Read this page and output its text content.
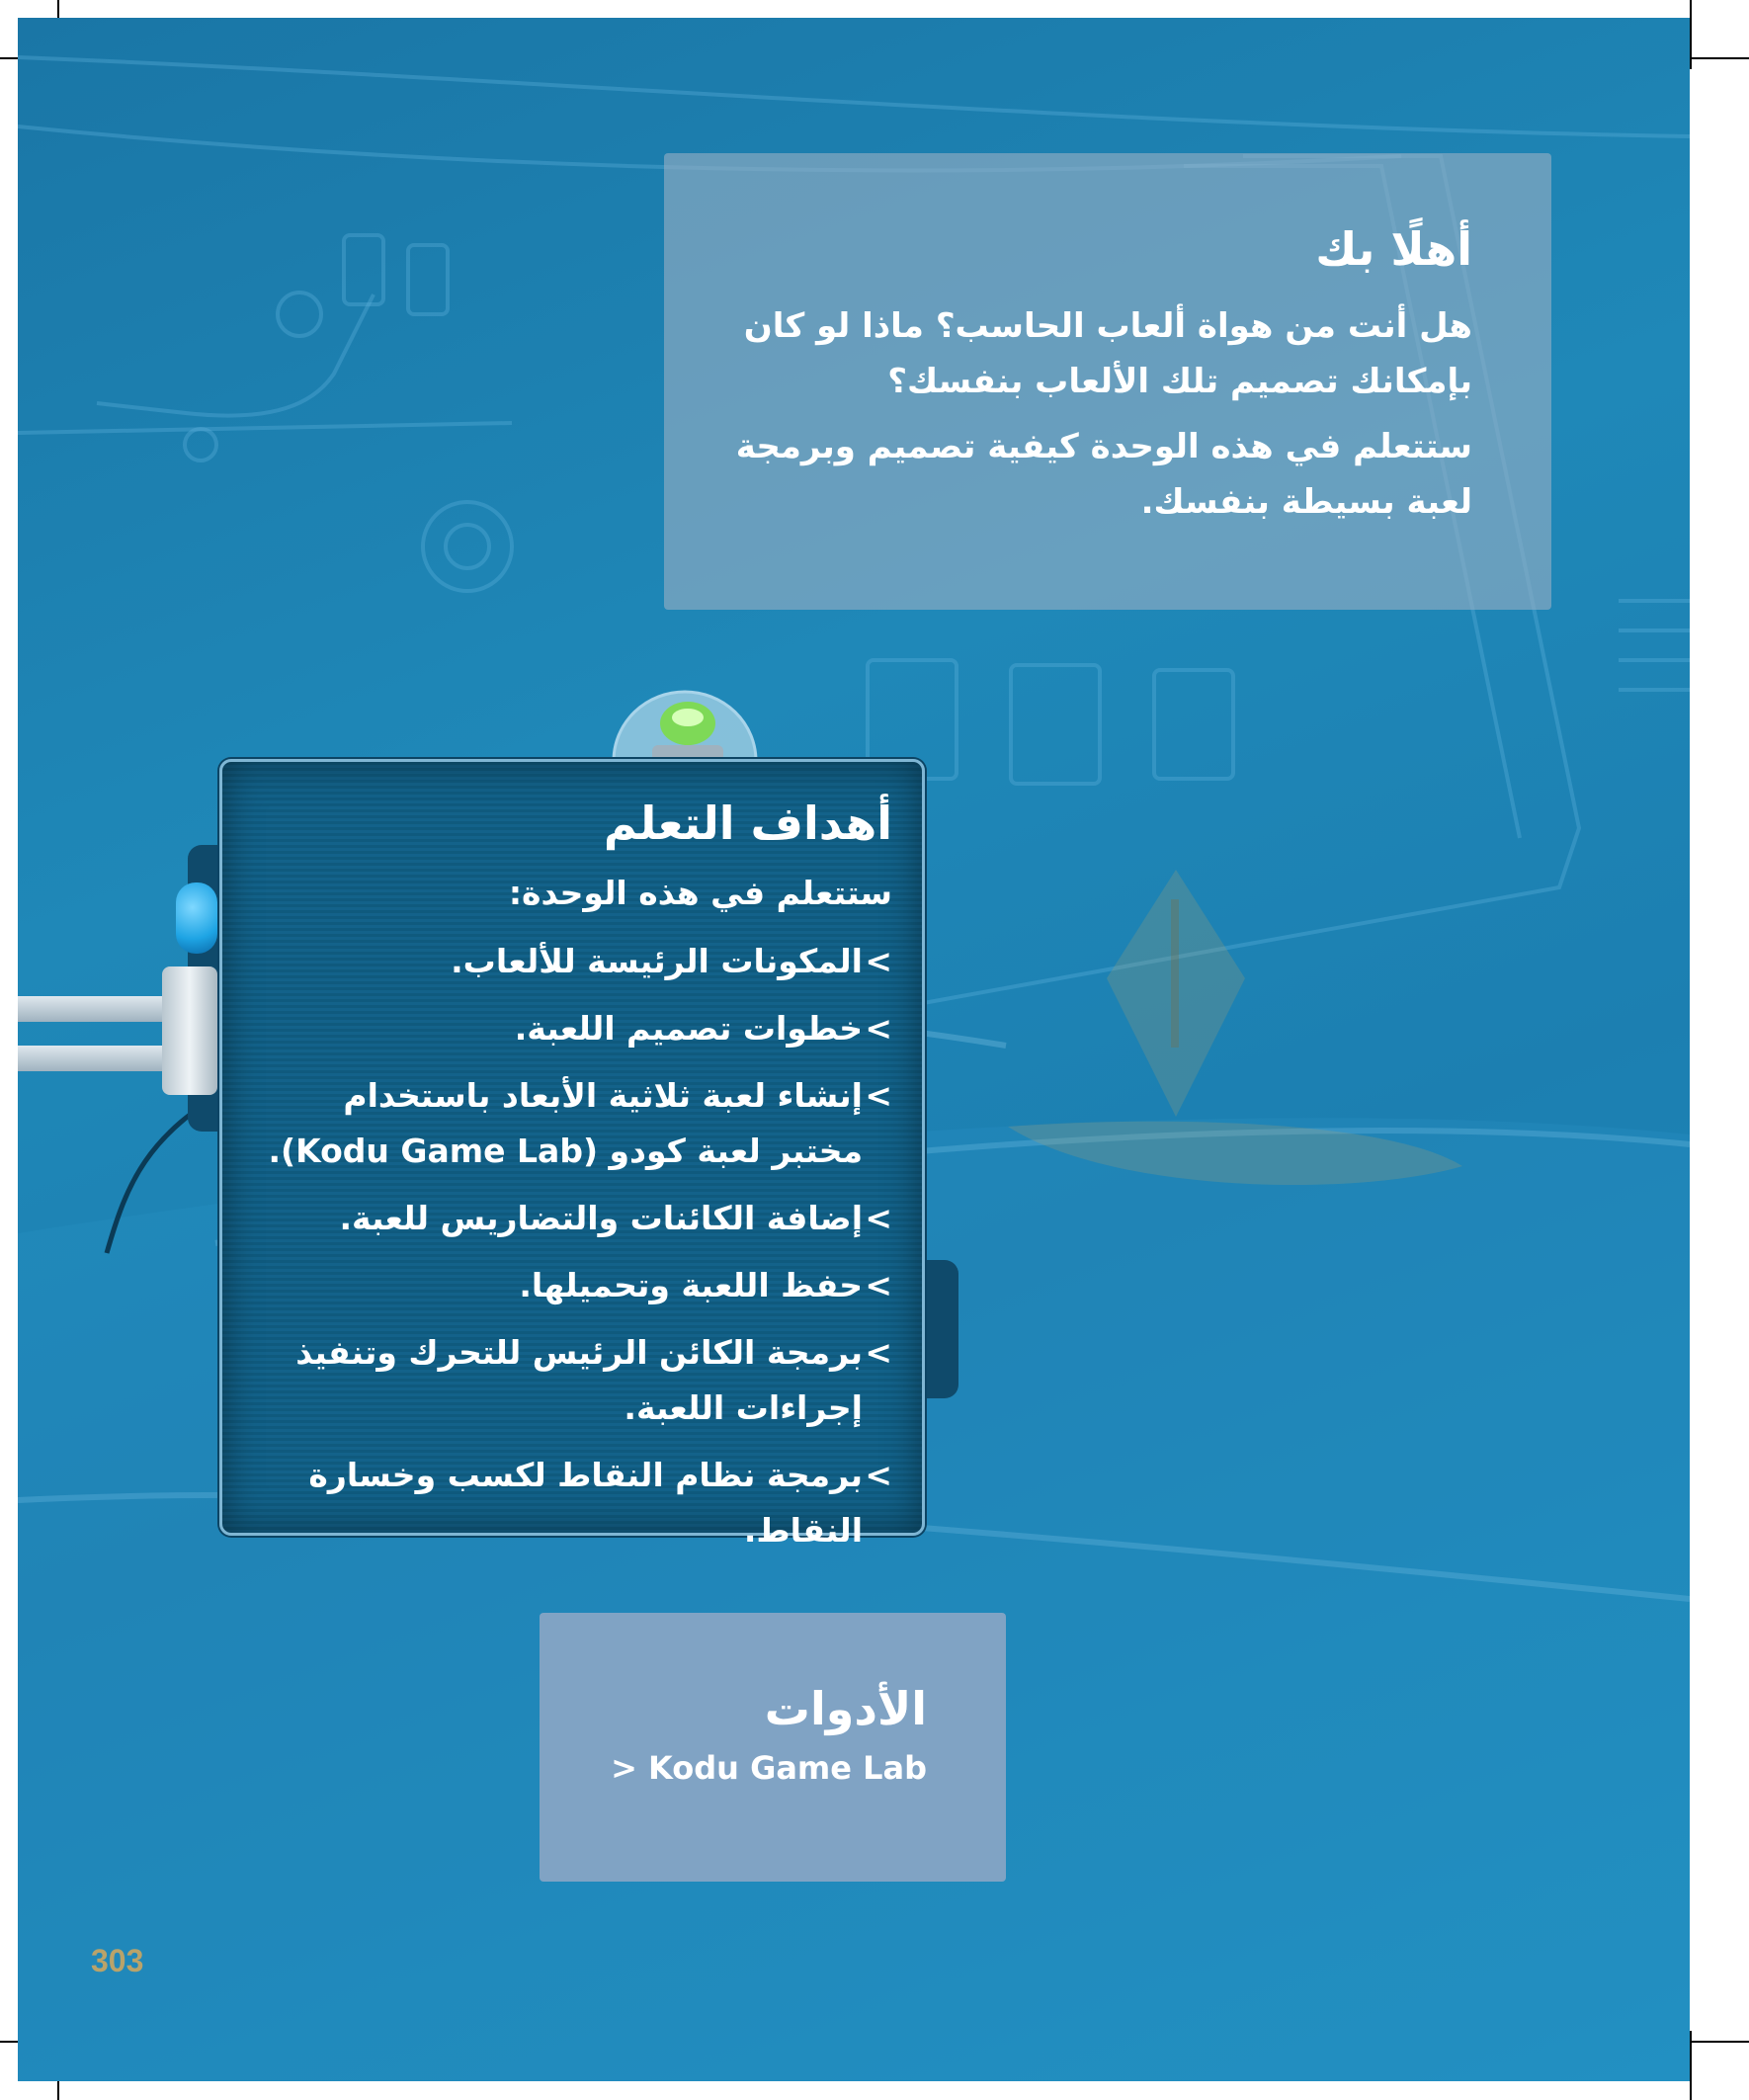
أهلًا بك

هل أنت من هواة ألعاب الحاسب؟ ماذا لو كان بإمكانك تصميم تلك الألعاب بنفسك؟

ستتعلم في هذه الوحدة كيفية تصميم وبرمجة لعبة بسيطة بنفسك.

أهداف التعلم

ستتعلم في هذه الوحدة:

>
المكونات الرئيسة للألعاب.
>
خطوات تصميم اللعبة.
>
إنشاء لعبة ثلاثية الأبعاد باستخدام مختبر لعبة كودو (Kodu Game Lab).
>
إضافة الكائنات والتضاريس للعبة.
>
حفظ اللعبة وتحميلها.
>
برمجة الكائن الرئيس للتحرك وتنفيذ إجراءات اللعبة.
>
برمجة نظام النقاط لكسب وخسارة النقاط.
الأدوات
Kodu Game Lab <
303
